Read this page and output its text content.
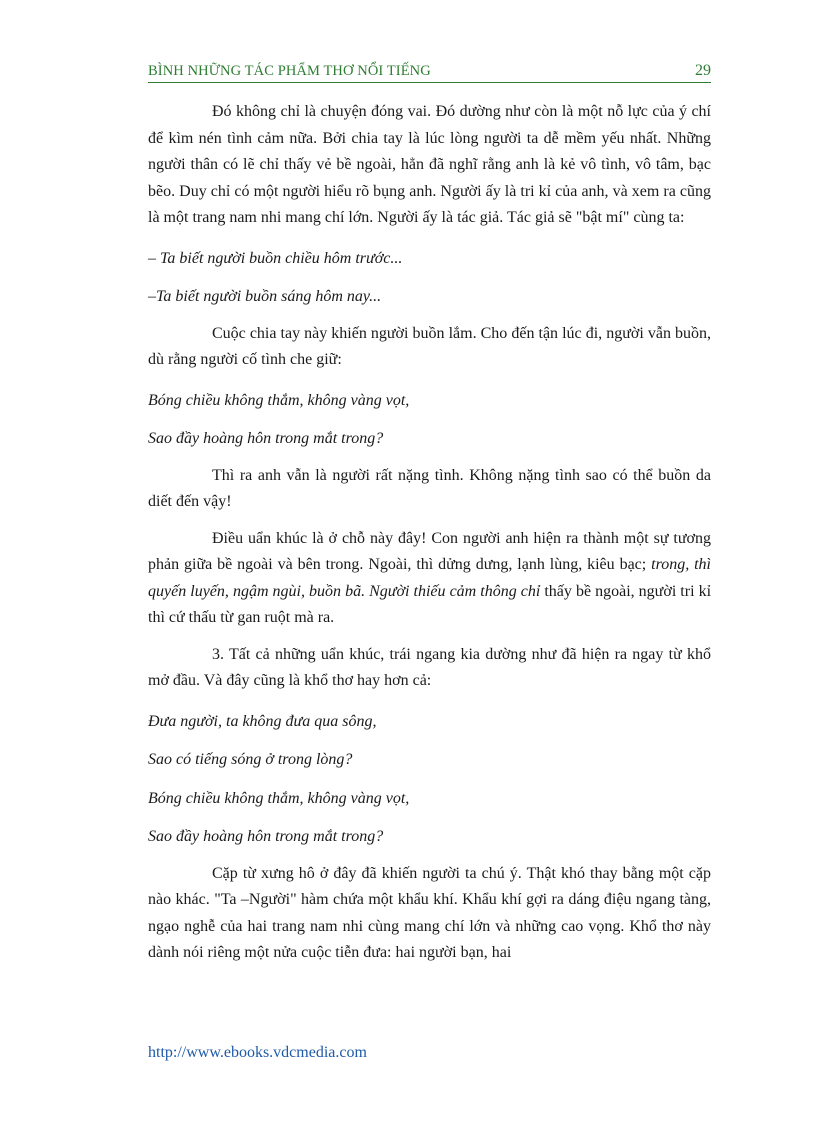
BÌNH NHỮNG TÁC PHẨM THƠ NỔI TIẾNG	29

Đó không chỉ là chuyện đóng vai. Đó dường như còn là một nỗ lực của ý chí để kìm nén tình cảm nữa. Bởi chia tay là lúc lòng người ta dễ mềm yếu nhất. Những người thân có lẽ chỉ thấy vẻ bề ngoài, hẳn đã nghĩ rằng anh là kẻ vô tình, vô tâm, bạc bẽo. Duy chỉ có một người hiểu rõ bụng anh. Người ấy là tri kỉ của anh, và xem ra cũng là một trang nam nhi mang chí lớn. Người ấy là tác giả. Tác giả sẽ "bật mí" cùng ta:

– Ta biết người buồn chiều hôm trước...

–Ta biết người buồn sáng hôm nay...

Cuộc chia tay này khiến người buồn lắm. Cho đến tận lúc đi, người vẫn buồn, dù rằng người cố tình che giữ:

Bóng chiều không thắm, không vàng vọt,

Sao đầy hoàng hôn trong mắt trong?

Thì ra anh vẫn là người rất nặng tình. Không nặng tình sao có thể buồn da diết đến vậy!

Điều uẩn khúc là ở chỗ này đây! Con người anh hiện ra thành một sự tương phản giữa bề ngoài và bên trong. Ngoài, thì dửng dưng, lạnh lùng, kiêu bạc; trong, thì quyến luyến, ngậm ngùi, buồn bã. Người thiếu cảm thông chỉ thấy bề ngoài, người tri kỉ thì cứ thấu từ gan ruột mà ra.

3. Tất cả những uẩn khúc, trái ngang kia dường như đã hiện ra ngay từ khổ mở đầu. Và đây cũng là khổ thơ hay hơn cả:

Đưa người, ta không đưa qua sông,

Sao có tiếng sóng ở trong lòng?

Bóng chiều không thắm, không vàng vọt,

Sao đầy hoàng hôn trong mắt trong?

Cặp từ xưng hô ở đây đã khiến người ta chú ý. Thật khó thay bằng một cặp nào khác. "Ta –Người" hàm chứa một khẩu khí. Khẩu khí gợi ra dáng điệu ngang tàng, ngạo nghễ của hai trang nam nhi cùng mang chí lớn và những cao vọng. Khổ thơ này dành nói riêng một nửa cuộc tiễn đưa: hai người bạn, hai

http://www.ebooks.vdcmedia.com
